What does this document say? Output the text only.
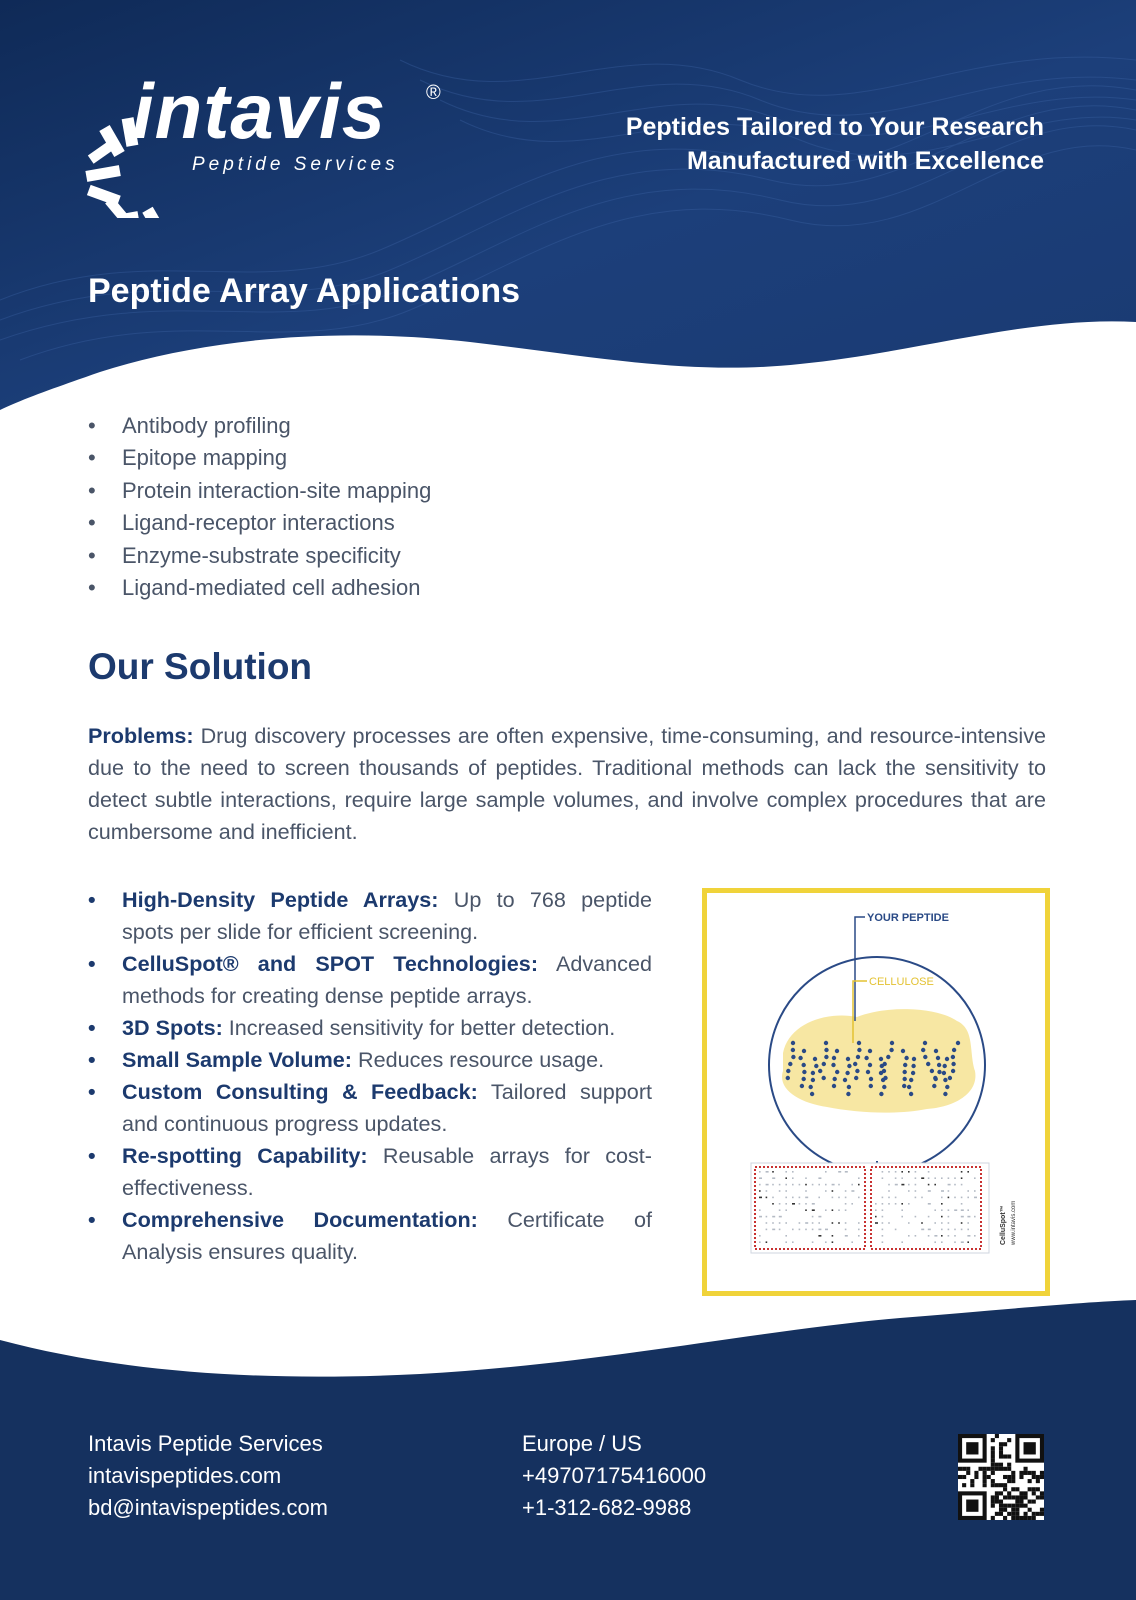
intavis ®
Peptide Services
Peptides Tailored to Your Research
Manufactured with Excellence
Peptide Array Applications
• Antibody profiling
• Epitope mapping
• Protein interaction-site mapping
• Ligand-receptor interactions
• Enzyme-substrate specificity
• Ligand-mediated cell adhesion
Our Solution
Problems: Drug discovery processes are often expensive, time-consuming, and resource-intensive due to the need to screen thousands of peptides. Traditional methods can lack the sensitivity to detect subtle interactions, require large sample volumes, and involve complex procedures that are cumbersome and inefficient.
• High-Density Peptide Arrays: Up to 768 peptide spots per slide for efficient screening.
• CelluSpot® and SPOT Technologies: Advanced methods for creating dense peptide arrays.
• 3D Spots: Increased sensitivity for better detection.
• Small Sample Volume: Reduces resource usage.
• Custom Consulting & Feedback: Tailored support and continuous progress updates.
• Re-spotting Capability: Reusable arrays for cost-effectiveness.
• Comprehensive Documentation: Certificate of Analysis ensures quality.
YOUR PEPTIDE
CELLULOSE
CelluSpot™ www.intavis.com
Intavis Peptide Services
intavispeptides.com
bd@intavispeptides.com
Europe / US
+49707175416000
+1-312-682-9988
